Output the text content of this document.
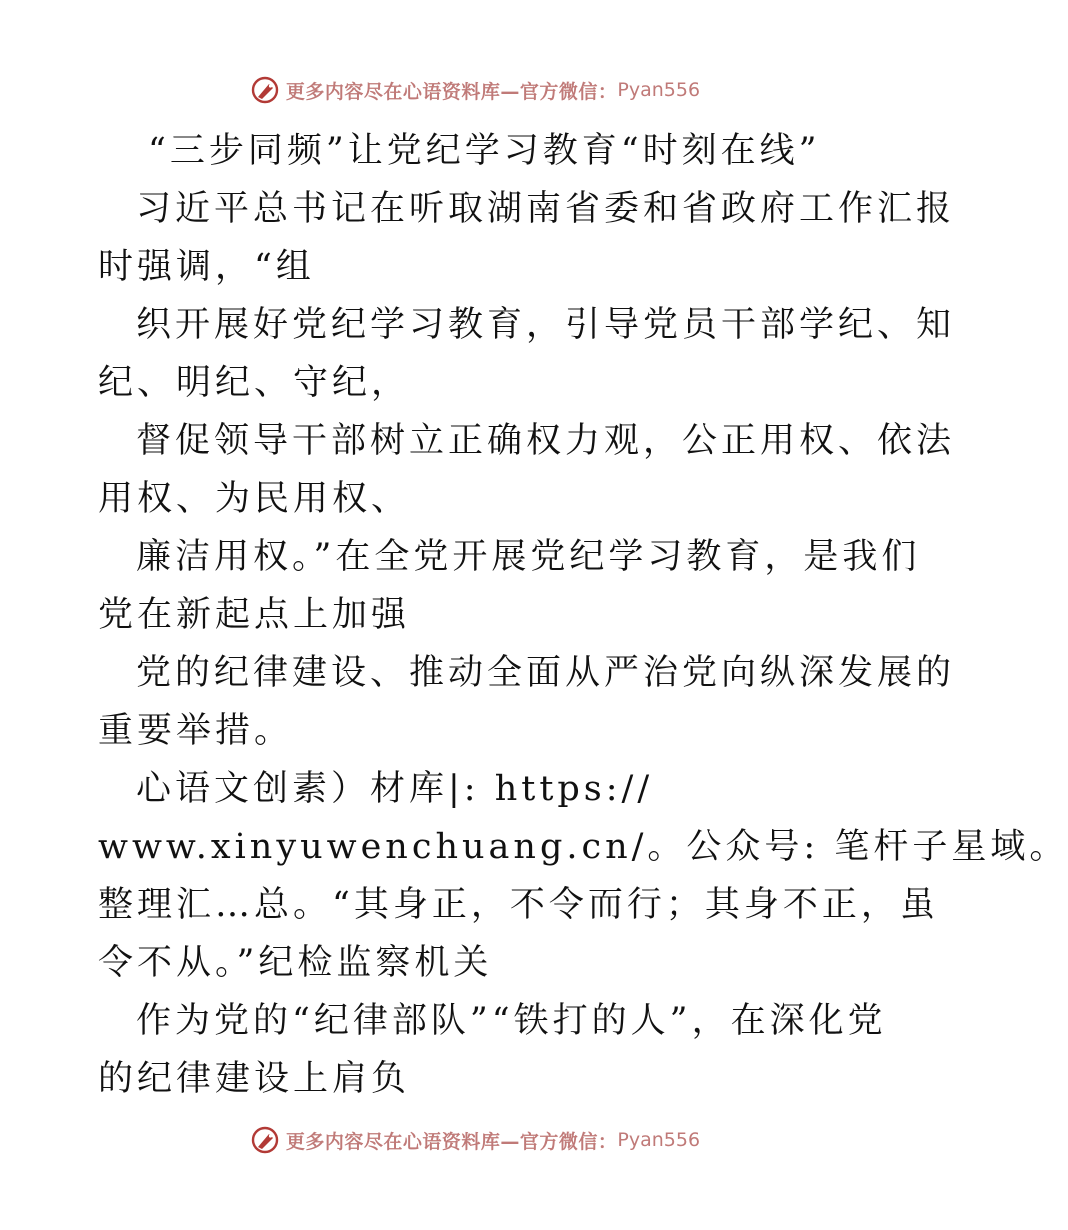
更多内容尽在心语资料库—官方微信： Pyan556

“三步同频”让党纪学习教育“时刻在线”

习近平总书记在听取湖南省委和省政府工作汇报

时强调，“组

织开展好党纪学习教育，引导党员干部学纪、知

纪、明纪、守纪，

督促领导干部树立正确权力观，公正用权、依法

用权、为民用权、

廉洁用权。”在全党开展党纪学习教育，是我们

党在新起点上加强

党的纪律建设、推动全面从严治党向纵深发展的

重要举措。

心语文创素）材库|: https://

www.xinyuwenchuang.cn/。公众号: 笔杆子星域。

整理汇…总。“其身正，不令而行；其身不正，虽

令不从。”纪检监察机关

作为党的“纪律部队”“铁打的人”，在深化党

的纪律建设上肩负

更多内容尽在心语资料库—官方微信： Pyan556
